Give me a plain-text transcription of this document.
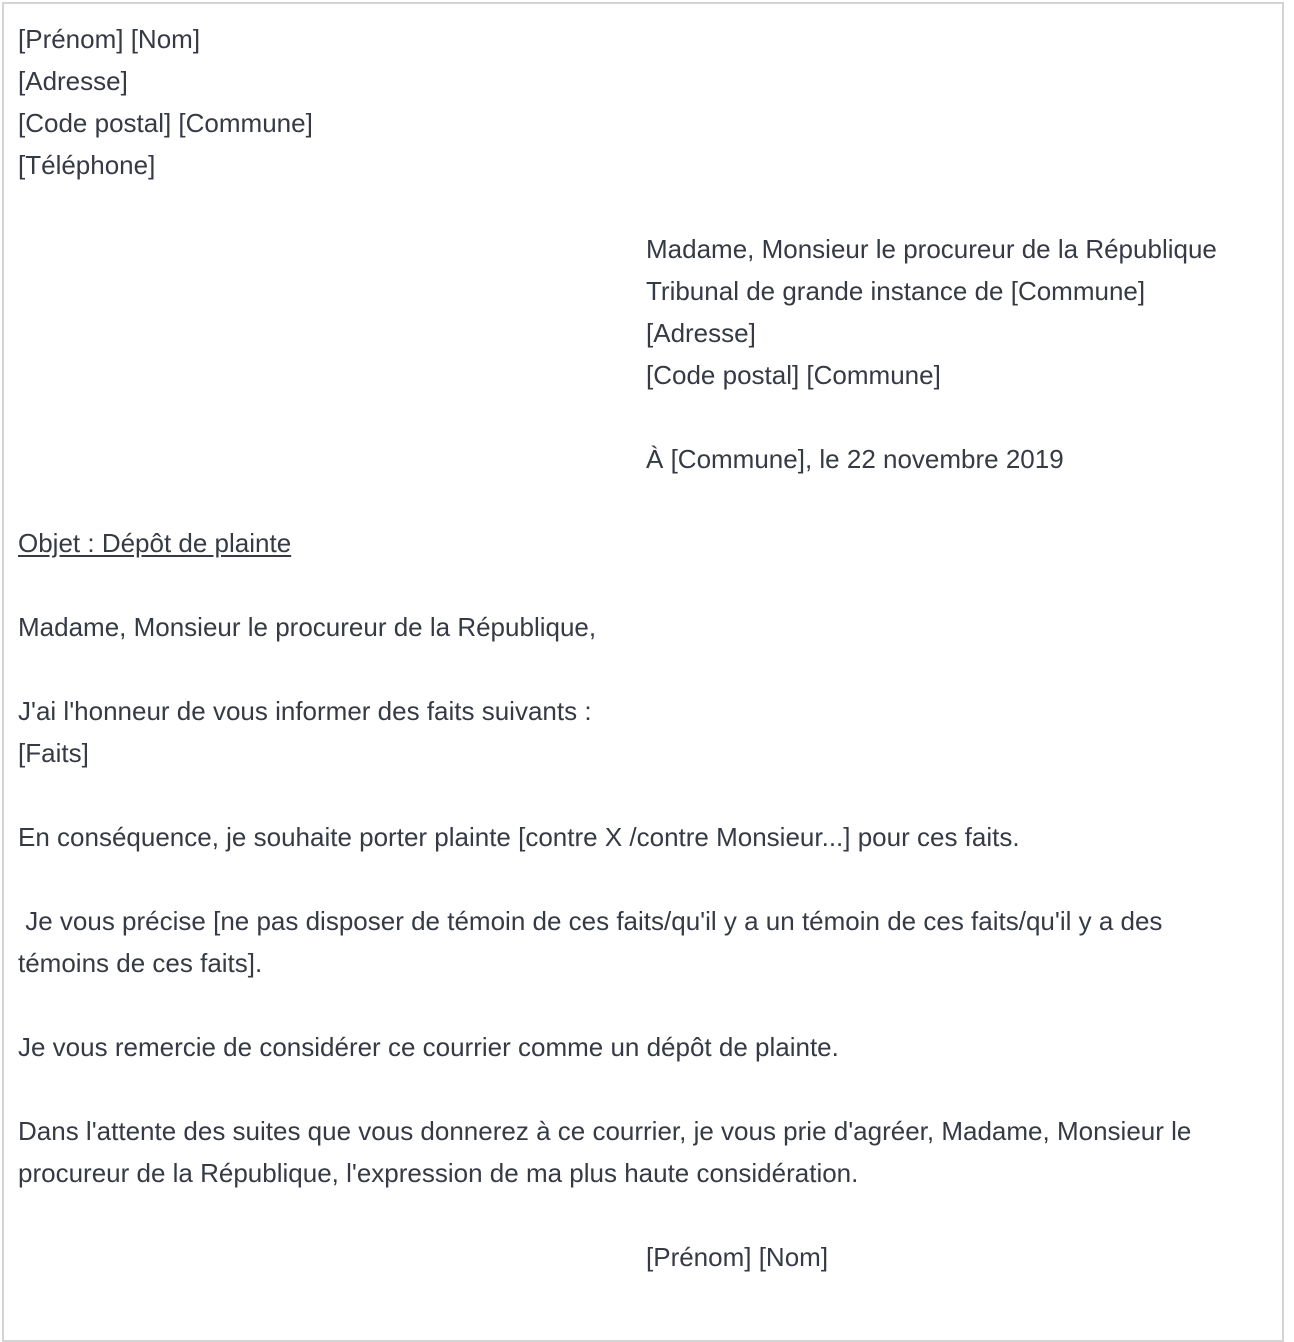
[Prénom] [Nom]

[Adresse]

[Code postal] [Commune]

[Téléphone]

Madame, Monsieur le procureur de la République

Tribunal de grande instance de [Commune]

[Adresse]

[Code postal] [Commune]

À [Commune], le 22 novembre 2019

Objet : Dépôt de plainte

Madame, Monsieur le procureur de la République,

J'ai l'honneur de vous informer des faits suivants :

[Faits]

En conséquence, je souhaite porter plainte [contre X /contre Monsieur...] pour ces faits.

Je vous précise [ne pas disposer de témoin de ces faits/qu'il y a un témoin de ces faits/qu'il y a des

témoins de ces faits].

Je vous remercie de considérer ce courrier comme un dépôt de plainte.

Dans l'attente des suites que vous donnerez à ce courrier, je vous prie d'agréer, Madame, Monsieur le

procureur de la République, l'expression de ma plus haute considération.

[Prénom] [Nom]
